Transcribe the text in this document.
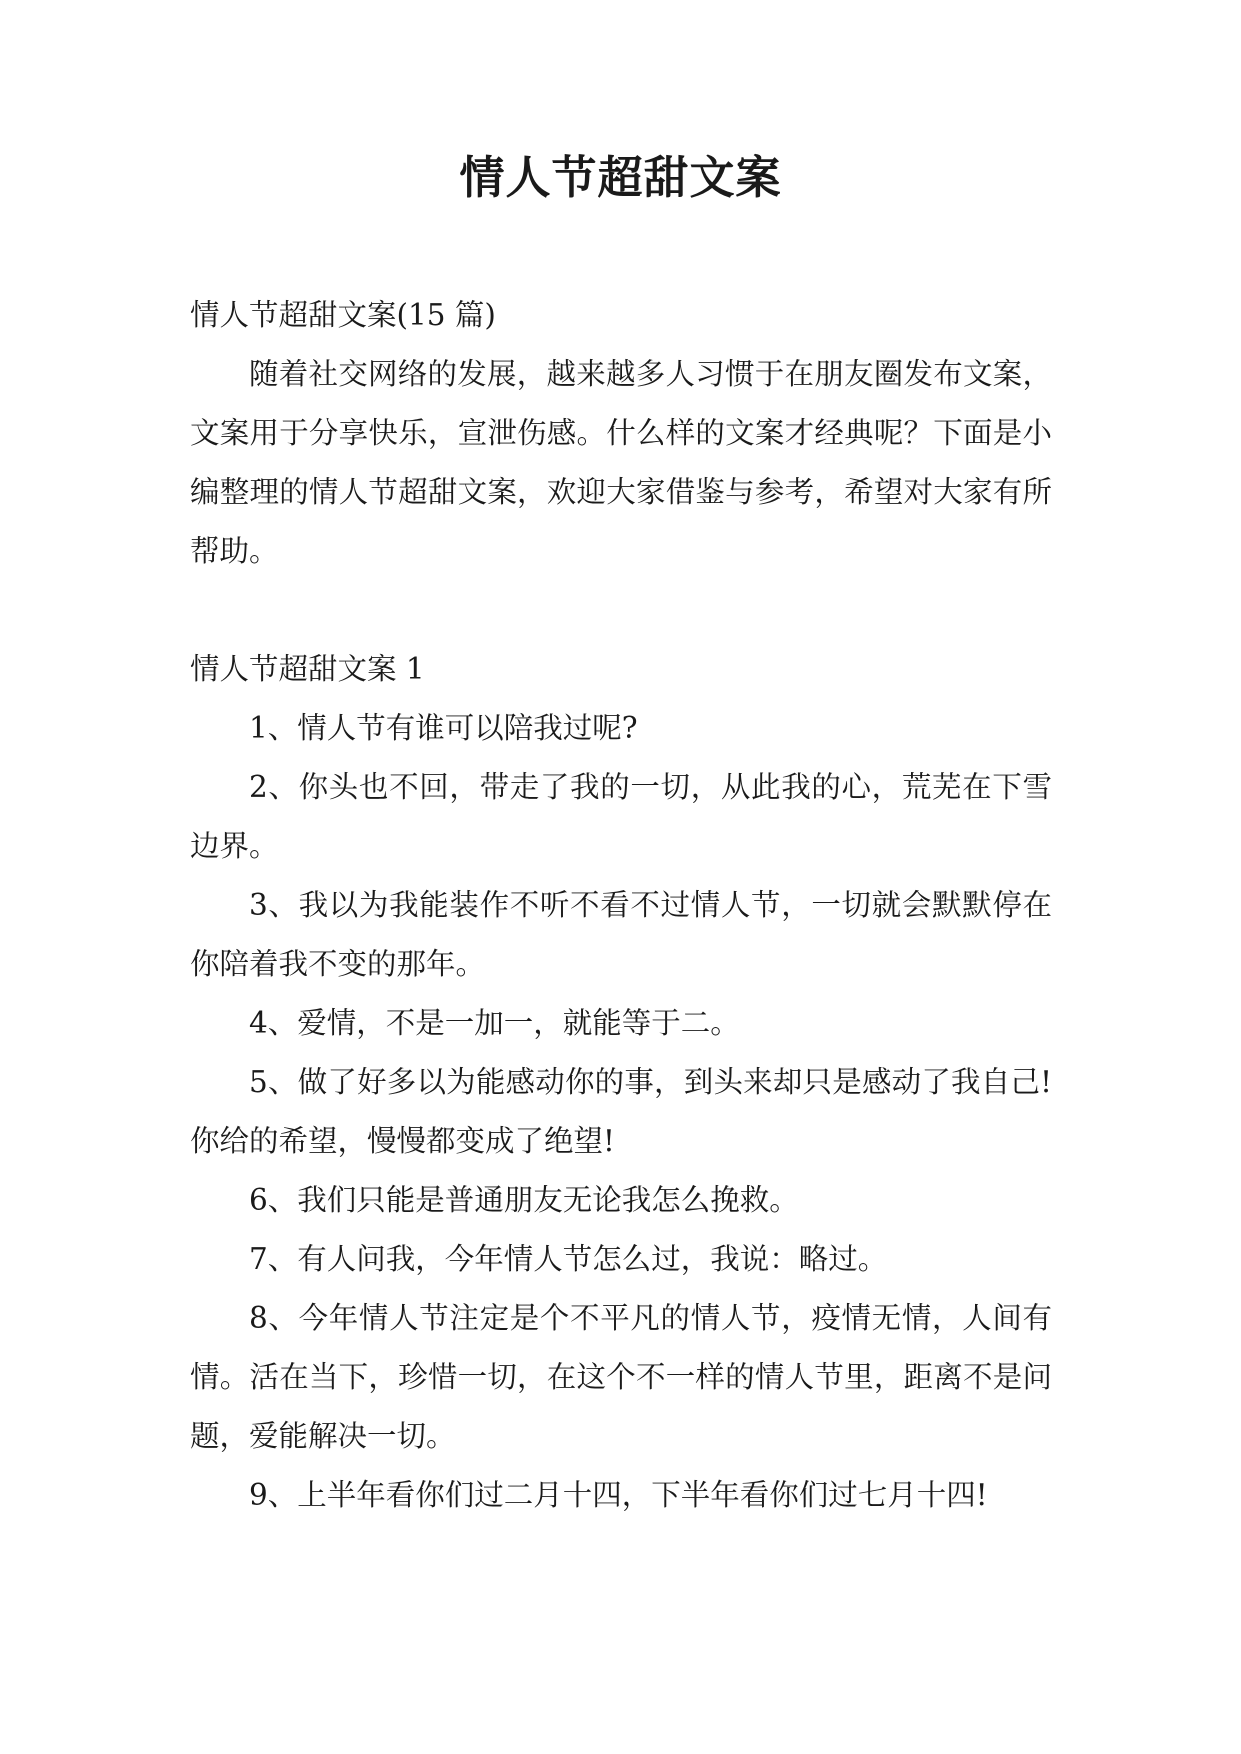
情人节超甜文案

情人节超甜文案(15 篇)

随着社交网络的发展，越来越多人习惯于在朋友圈发布文案，文案用于分享快乐，宣泄伤感。什么样的文案才经典呢？下面是小编整理的情人节超甜文案，欢迎大家借鉴与参考，希望对大家有所帮助。

情人节超甜文案 1

1、情人节有谁可以陪我过呢?

2、你头也不回，带走了我的一切，从此我的心，荒芜在下雪边界。

3、我以为我能装作不听不看不过情人节，一切就会默默停在你陪着我不变的那年。

4、爱情，不是一加一，就能等于二。

5、做了好多以为能感动你的事，到头来却只是感动了我自己!你给的希望，慢慢都变成了绝望!

6、我们只能是普通朋友无论我怎么挽救。

7、有人问我，今年情人节怎么过，我说：略过。

8、今年情人节注定是个不平凡的情人节，疫情无情，人间有情。活在当下，珍惜一切，在这个不一样的情人节里，距离不是问题，爱能解决一切。

9、上半年看你们过二月十四，下半年看你们过七月十四!
